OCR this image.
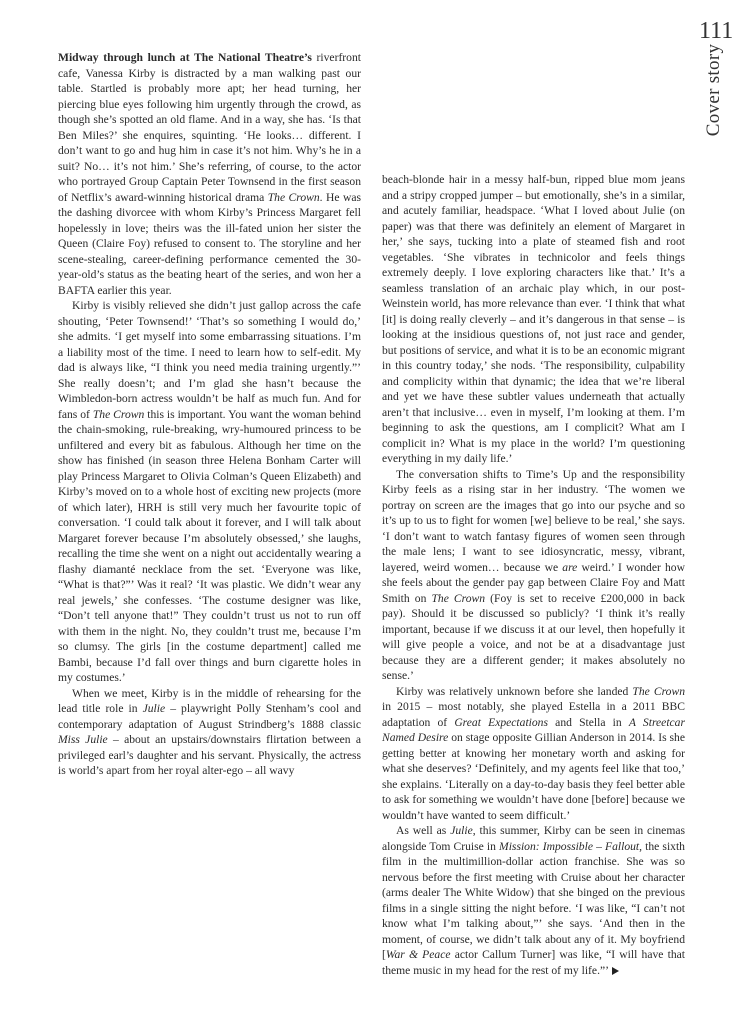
111
Cover story

Midway through lunch at The National Theatre’s riverfront cafe, Vanessa Kirby is distracted by a man walking past our table. Startled is probably more apt; her head turning, her piercing blue eyes following him urgently through the crowd, as though she’s spotted an old flame. And in a way, she has. ‘Is that Ben Miles?’ she enquires, squinting. ‘He looks… different. I don’t want to go and hug him in case it’s not him. Why’s he in a suit? No… it’s not him.’ She’s referring, of course, to the actor who portrayed Group Captain Peter Townsend in the first season of Netflix’s award-winning historical drama The Crown. He was the dashing divorcee with whom Kirby’s Princess Margaret fell hopelessly in love; theirs was the ill-fated union her sister the Queen (Claire Foy) refused to consent to. The storyline and her scene-stealing, career-defining performance cemented the 30-year-old’s status as the beating heart of the series, and won her a BAFTA earlier this year.

Kirby is visibly relieved she didn’t just gallop across the cafe shouting, ‘Peter Townsend!’ ‘That’s so something I would do,’ she admits. ‘I get myself into some embarrassing situations. I’m a liability most of the time. I need to learn how to self-edit. My dad is always like, “I think you need media training urgently.”’ She really doesn’t; and I’m glad she hasn’t because the Wimbledon-born actress wouldn’t be half as much fun. And for fans of The Crown this is important. You want the woman behind the chain-smoking, rule-breaking, wry-humoured princess to be unfiltered and every bit as fabulous. Although her time on the show has finished (in season three Helena Bonham Carter will play Princess Margaret to Olivia Colman’s Queen Elizabeth) and Kirby’s moved on to a whole host of exciting new projects (more of which later), HRH is still very much her favourite topic of conversation. ‘I could talk about it forever, and I will talk about Margaret forever because I’m absolutely obsessed,’ she laughs, recalling the time she went on a night out accidentally wearing a flashy diamanté necklace from the set. ‘Everyone was like, “What is that?”’ Was it real? ‘It was plastic. We didn’t wear any real jewels,’ she confesses. ‘The costume designer was like, “Don’t tell anyone that!” They couldn’t trust us not to run off with them in the night. No, they couldn’t trust me, because I’m so clumsy. The girls [in the costume department] called me Bambi, because I’d fall over things and burn cigarette holes in my costumes.’

When we meet, Kirby is in the middle of rehearsing for the lead title role in Julie – playwright Polly Stenham’s cool and contemporary adaptation of August Strindberg’s 1888 classic Miss Julie – about an upstairs/downstairs flirtation between a privileged earl’s daughter and his servant. Physically, the actress is world’s apart from her royal alter-ego – all wavy

beach-blonde hair in a messy half-bun, ripped blue mom jeans and a stripy cropped jumper – but emotionally, she’s in a similar, and acutely familiar, headspace. ‘What I loved about Julie (on paper) was that there was definitely an element of Margaret in her,’ she says, tucking into a plate of steamed fish and root vegetables. ‘She vibrates in technicolor and feels things extremely deeply. I love exploring characters like that.’ It’s a seamless translation of an archaic play which, in our post-Weinstein world, has more relevance than ever. ‘I think that what [it] is doing really cleverly – and it’s dangerous in that sense – is looking at the insidious questions of, not just race and gender, but positions of service, and what it is to be an economic migrant in this country today,’ she nods. ‘The responsibility, culpability and complicity within that dynamic; the idea that we’re liberal and yet we have these subtler values underneath that actually aren’t that inclusive… even in myself, I’m looking at them. I’m beginning to ask the questions, am I complicit? What am I complicit in? What is my place in the world? I’m questioning everything in my daily life.’

The conversation shifts to Time’s Up and the responsibility Kirby feels as a rising star in her industry. ‘The women we portray on screen are the images that go into our psyche and so it’s up to us to fight for women [we] believe to be real,’ she says. ‘I don’t want to watch fantasy figures of women seen through the male lens; I want to see idiosyncratic, messy, vibrant, layered, weird women… because we are weird.’ I wonder how she feels about the gender pay gap between Claire Foy and Matt Smith on The Crown (Foy is set to receive £200,000 in back pay). Should it be discussed so publicly? ‘I think it’s really important, because if we discuss it at our level, then hopefully it will give people a voice, and not be at a disadvantage just because they are a different gender; it makes absolutely no sense.’

Kirby was relatively unknown before she landed The Crown in 2015 – most notably, she played Estella in a 2011 BBC adaptation of Great Expectations and Stella in A Streetcar Named Desire on stage opposite Gillian Anderson in 2014. Is she getting better at knowing her monetary worth and asking for what she deserves? ‘Definitely, and my agents feel like that too,’ she explains. ‘Literally on a day-to-day basis they feel better able to ask for something we wouldn’t have done [before] because we wouldn’t have wanted to seem difficult.’

As well as Julie, this summer, Kirby can be seen in cinemas alongside Tom Cruise in Mission: Impossible – Fallout, the sixth film in the multimillion-dollar action franchise. She was so nervous before the first meeting with Cruise about her character (arms dealer The White Widow) that she binged on the previous films in a single sitting the night before. ‘I was like, “I can’t not know what I’m talking about,”’ she says. ‘And then in the moment, of course, we didn’t talk about any of it. My boyfriend [War & Peace actor Callum Turner] was like, “I will have that theme music in my head for the rest of my life.”’
